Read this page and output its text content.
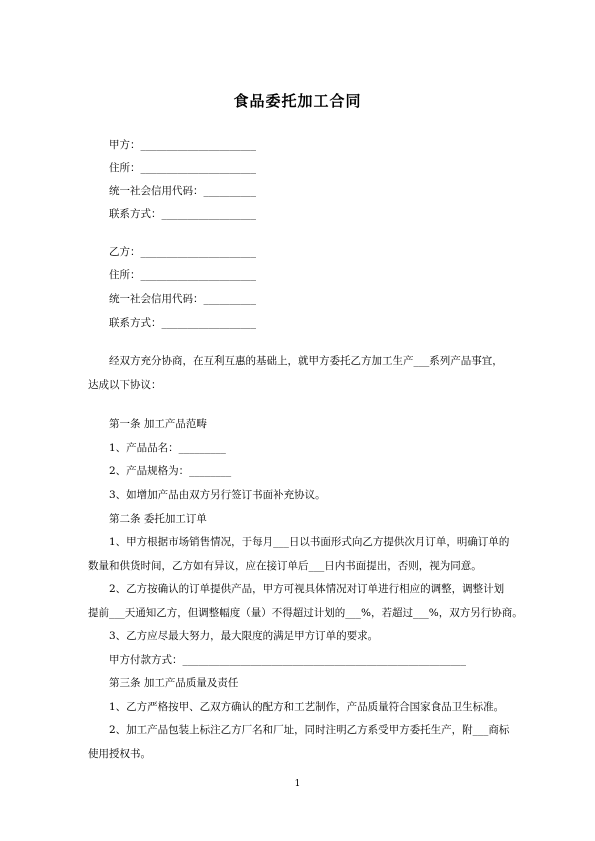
食品委托加工合同
甲方：______________________
住所：______________________
统一社会信用代码：__________
联系方式：__________________
乙方：______________________
住所：______________________
统一社会信用代码：__________
联系方式：__________________
经双方充分协商，在互利互惠的基础上，就甲方委托乙方加工生产___系列产品事宜，
达成以下协议：
第一条 加工产品范畴
1、产品品名：_________
2、产品规格为：________
3、如增加产品由双方另行签订书面补充协议。
第二条 委托加工订单
1、甲方根据市场销售情况，于每月___日以书面形式向乙方提供次月订单，明确订单的
数量和供货时间，乙方如有异议，应在接订单后___日内书面提出，否则，视为同意。
2、乙方按确认的订单提供产品，甲方可视具体情况对订单进行相应的调整，调整计划
提前___天通知乙方，但调整幅度（量）不得超过计划的___%，若超过___%，双方另行协商。
3、乙方应尽最大努力，最大限度的满足甲方订单的要求。
甲方付款方式：______________________________________________________
第三条 加工产品质量及责任
1、乙方严格按甲、乙双方确认的配方和工艺制作，产品质量符合国家食品卫生标准。
2、加工产品包装上标注乙方厂名和厂址，同时注明乙方系受甲方委托生产，附___商标
使用授权书。
1
